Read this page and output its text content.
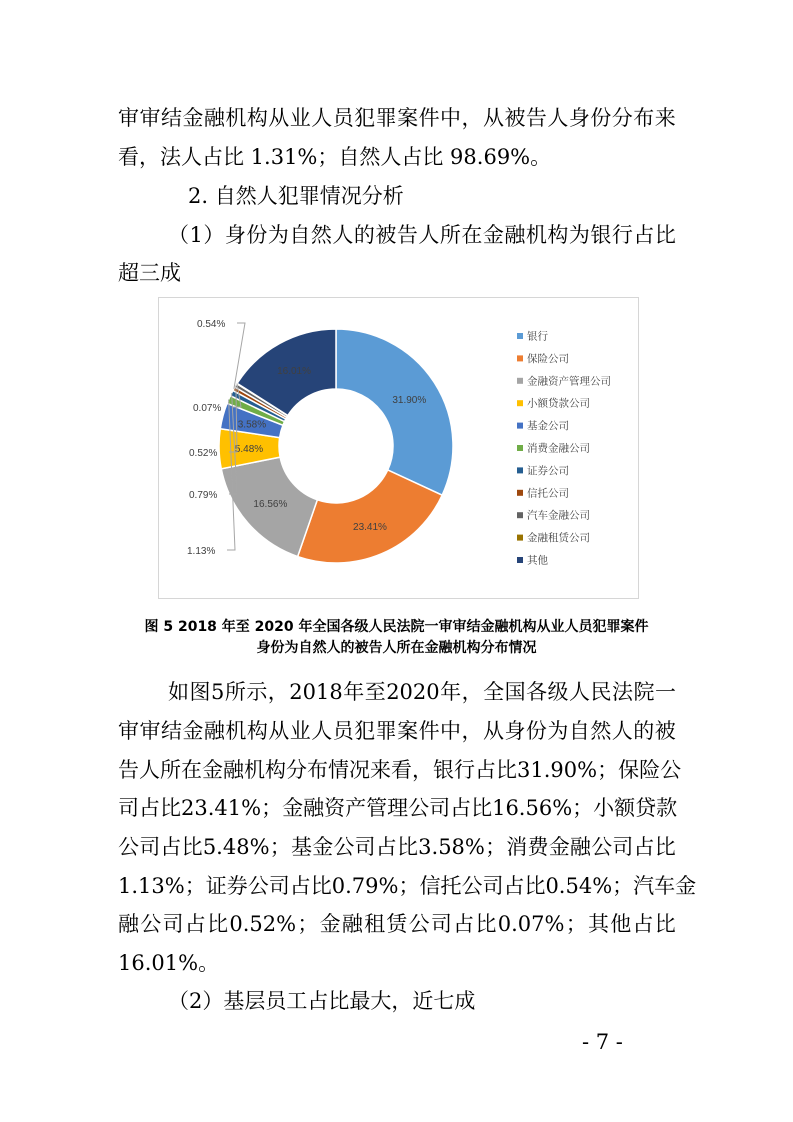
审 审 结 金 融 机 构 从 业 人 员 犯 罪 案 件 中 ， 从 被 告 人 身 份 分 布 来
看，法人占比 1.31%；自然人占比 98.69%。
2. 自然人犯罪情况分析
（ 1 ） 身 份 为 自 然 人 的 被 告 人 所 在 金 融 机 构 为 银 行 占 比
超三成
31.90%
23.41%
16.56%
5.48%
3.58%
1.13%
0.79%
0.54%
0.52%
0.07%
16.01%
银行
保险公司
金融资产管理公司
小额贷款公司
基金公司
消费金融公司
证券公司
信托公司
汽车金融公司
金融租赁公司
其他
图 5 2018 年至 2020 年全国各级人民法院一审审结金融机构从业人员犯罪案件
身份为自然人的被告人所在金融机构分布情况
如 图 5 所 示 ， 2018 年 至 2020 年 ， 全 国 各 级 人 民 法 院 一
审 审 结 金 融 机 构 从 业 人 员 犯 罪 案 件 中 ， 从 身 份 为 自 然 人 的 被
告 人 所 在 金 融 机 构 分 布 情 况 来 看 ， 银 行 占 比 31.90% ； 保 险 公
司 占 比 23.41% ； 金 融 资 产 管 理 公 司 占 比 16.56% ； 小 额 贷 款
公 司 占 比 5.48% ； 基 金 公 司 占 比 3.58% ； 消 费 金 融 公 司 占 比
1.13% ； 证 券 公 司 占 比 0.79% ； 信 托 公 司 占 比 0.54% ； 汽 车 金
融 公 司 占 比 0.52% ； 金 融 租 赁 公 司 占 比 0.07% ； 其 他 占 比
16.01%。
（2）基层员工占比最大，近七成
- 7 -
